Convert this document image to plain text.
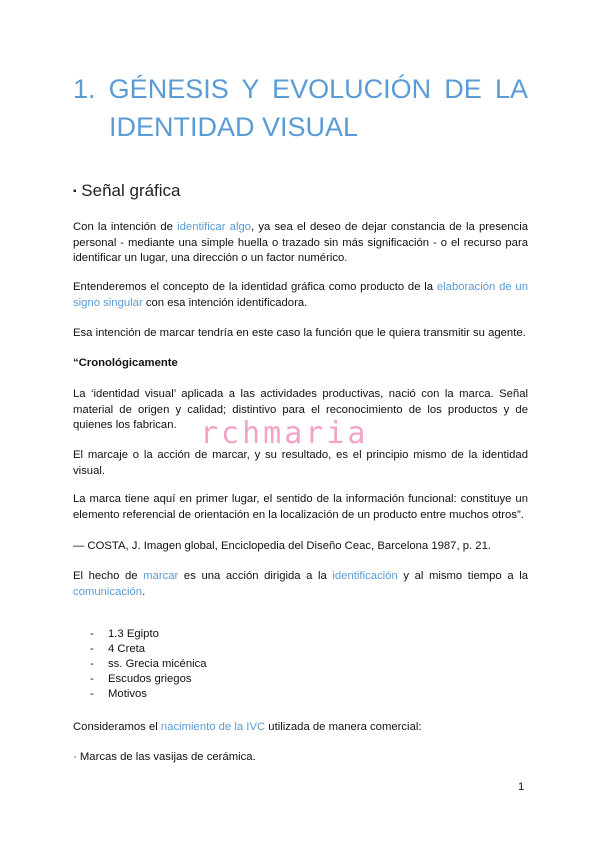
1. GÉNESIS Y EVOLUCIÓN DE LA
IDENTIDAD VISUAL
▪ Señal gráfica
Con la intención de identificar algo, ya sea el deseo de dejar constancia de la presencia personal - mediante una simple huella o trazado sin más significación - o el recurso para identificar un lugar, una dirección o un factor numérico.
Entenderemos el concepto de la identidad gráfica como producto de la elaboración de un signo singular con esa intención identificadora.
Esa intención de marcar tendría en este caso la función que le quiera transmitir su agente.
“Cronológicamente
La ‘identidad visual’ aplicada a las actividades productivas, nació con la marca. Señal material de origen y calidad; distintivo para el reconocimiento de los productos y de quienes los fabrican. rchmaria
El marcaje o la acción de marcar, y su resultado, es el principio mismo de la identidad visual.
La marca tiene aquí en primer lugar, el sentido de la información funcional: constituye un elemento referencial de orientación en la localización de un producto entre muchos otros”.
— COSTA, J. Imagen global, Enciclopedia del Diseño Ceac, Barcelona 1987, p. 21.
El hecho de marcar es una acción dirigida a la identificación y al mismo tiempo a la comunicación.
-	1.3 Egipto
-	4 Creta
-	ss. Grecia micénica
-	Escudos griegos
-	Motivos
Consideramos el nacimiento de la IVC utilizada de manera comercial:
· Marcas de las vasijas de cerámica.
1
